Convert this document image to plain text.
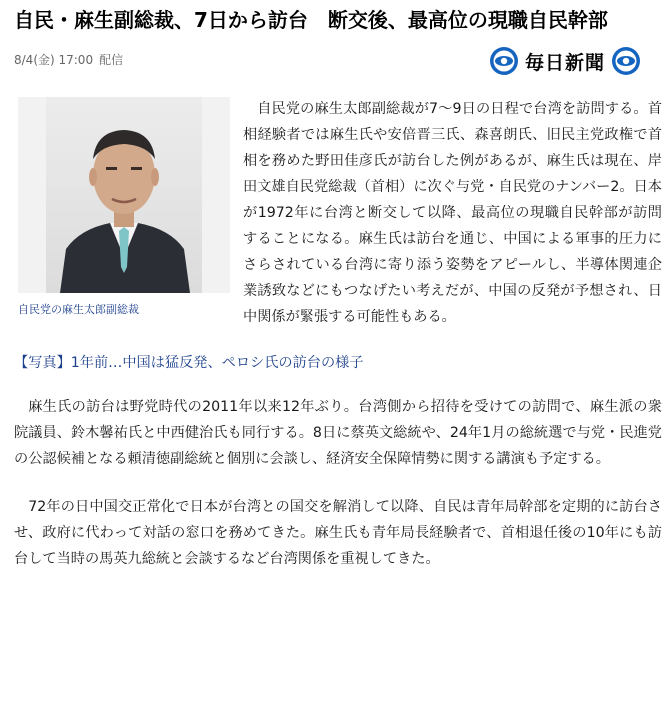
自民・麻生副総裁、7日から訪台　断交後、最高位の現職自民幹部
8/4(金) 17:00 配信	毎日新聞
自民党の麻生太郎副総裁

自民党の麻生太郎副総裁が7〜9日の日程で台湾を訪問する。首相経験者では麻生氏や安倍晋三氏、森喜朗氏、旧民主党政権で首相を務めた野田佳彦氏が訪台した例があるが、麻生氏は現在、岸田文雄自民党総裁（首相）に次ぐ与党・自民党のナンバー2。日本が1972年に台湾と断交して以降、最高位の現職自民幹部が訪問することになる。麻生氏は訪台を通じ、中国による軍事的圧力にさらされている台湾に寄り添う姿勢をアピールし、半導体関連企業誘致などにもつなげたい考えだが、中国の反発が予想され、日中関係が緊張する可能性もある。

【写真】1年前…中国は猛反発、ペロシ氏の訪台の様子

麻生氏の訪台は野党時代の2011年以来12年ぶり。台湾側から招待を受けての訪問で、麻生派の衆院議員、鈴木馨祐氏と中西健治氏も同行する。8日に蔡英文総統や、24年1月の総統選で与党・民進党の公認候補となる頼清徳副総統と個別に会談し、経済安全保障情勢に関する講演も予定する。

72年の日中国交正常化で日本が台湾との国交を解消して以降、自民は青年局幹部を定期的に訪台させ、政府に代わって対話の窓口を務めてきた。麻生氏も青年局長経験者で、首相退任後の10年にも訪台して当時の馬英九総統と会談するなど台湾関係を重視してきた。
